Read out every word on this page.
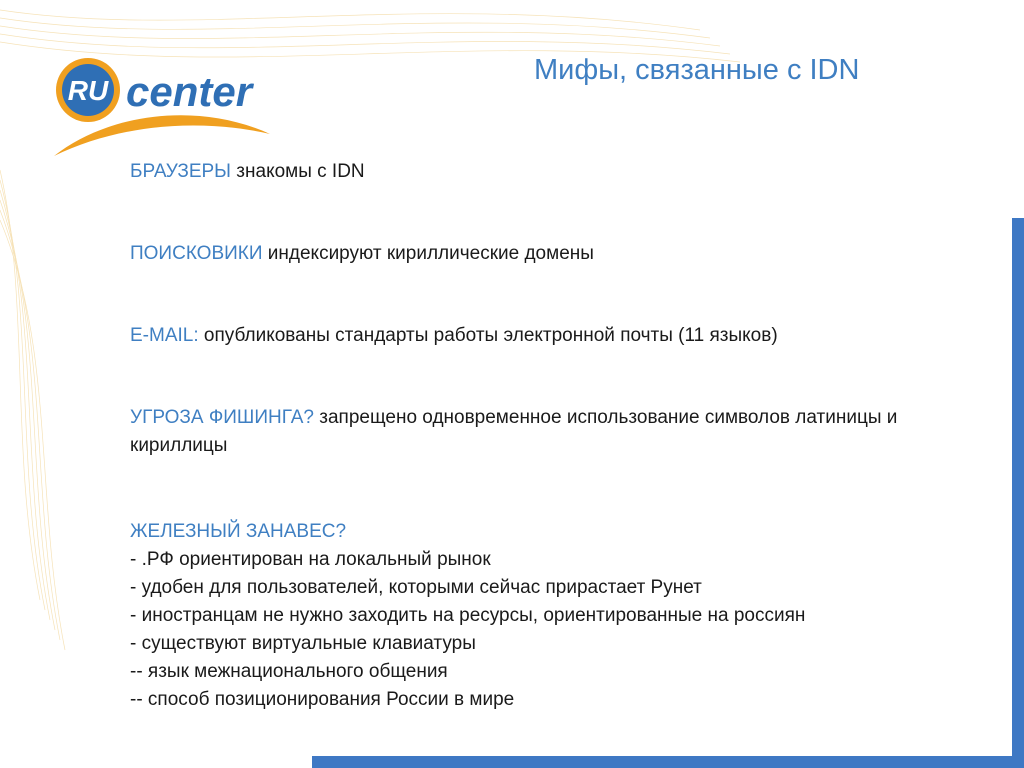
RU center	Мифы, связанные с IDN
БРАУЗЕРЫ знакомы с IDN
ПОИСКОВИКИ индексируют кириллические домены
E-MAIL: опубликованы стандарты работы электронной почты (11 языков)
УГРОЗА ФИШИНГА? запрещено одновременное использование символов латиницы и кириллицы
ЖЕЛЕЗНЫЙ ЗАНАВЕС?
- .РФ ориентирован на локальный рынок
- удобен для пользователей, которыми сейчас прирастает Рунет
- иностранцам не нужно заходить на ресурсы, ориентированные на россиян
- существуют виртуальные клавиатуры
-- язык межнационального общения
-- способ позиционирования России в мире
